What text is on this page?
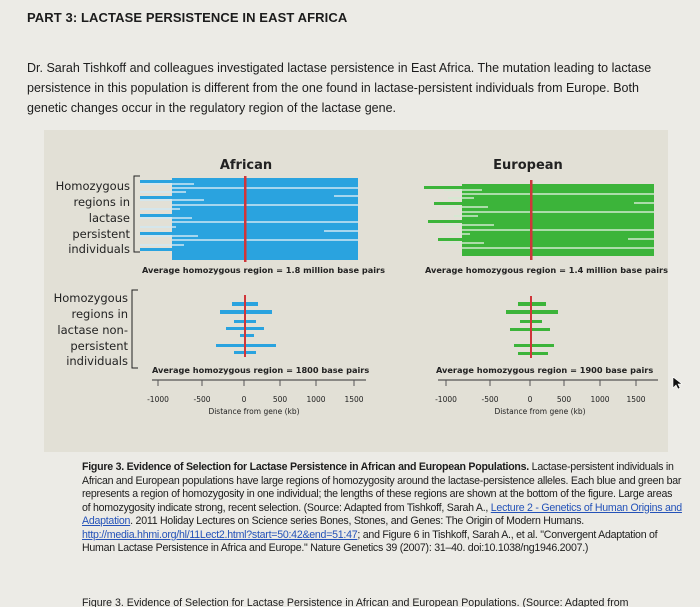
PART 3: LACTASE PERSISTENCE IN EAST AFRICA
Dr. Sarah Tishkoff and colleagues investigated lactase persistence in East Africa. The mutation leading to lactase persistence in this population is different from the one found in lactase-persistent individuals from Europe. Both genetic changes occur in the regulatory region of the lactase gene.
African	European
Homozygous
regions in
lactase
persistent
individuals
Homozygous
regions in
lactase non-
persistent
individuals
Average homozygous region = 1.8 million base pairs	Average homozygous region = 1.4 million base pairs
Average homozygous region = 1800 base pairs	Average homozygous region = 1900 base pairs
-1000	-500	0	500	1000	1500
Distance from gene (kb)
-1000	-500	0	500	1000 1500
Distance from gene (kb)
Figure 3. Evidence of Selection for Lactase Persistence in African and European Populations. Lactase-persistent individuals in African and European populations have large regions of homozygosity around the lactase-persistence alleles. Each blue and green bar represents a region of homozygosity in one individual; the lengths of these regions are shown at the bottom of the figure. Large areas of homozygosity indicate strong, recent selection. (Source: Adapted from Tishkoff, Sarah A., Lecture 2 - Genetics of Human Origins and Adaptation. 2011 Holiday Lectures on Science series Bones, Stones, and Genes: The Origin of Modern Humans. http://media.hhmi.org/hl/11Lect2.html?start=50:42&end=51:47; and Figure 6 in Tishkoff, Sarah A., et al. "Convergent Adaptation of Human Lactase Persistence in Africa and Europe." Nature Genetics 39 (2007): 31–40. doi:10.1038/ng1946.2007.)
Figure 3. Evidence of Selection for Lactase Persistence in African and European Populations. (Source: Adapted from
